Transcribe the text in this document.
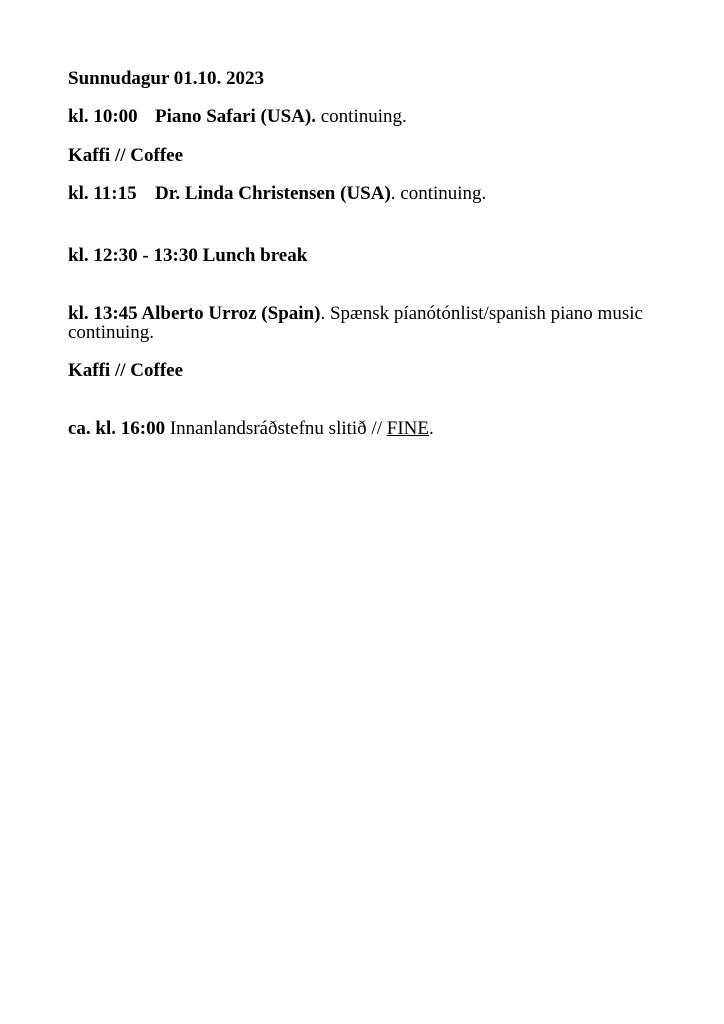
Sunnudagur 01.10. 2023

kl. 10:00 Piano Safari (USA). continuing.

Kaffi // Coffee

kl. 11:15 Dr. Linda Christensen (USA). continuing.

kl. 12:30 - 13:30 Lunch break

kl. 13:45 Alberto Urroz (Spain). Spænsk píanótónlist/spanish piano music continuing.

Kaffi // Coffee

ca. kl. 16:00 Innanlandsráðstefnu slitið // FINE.
